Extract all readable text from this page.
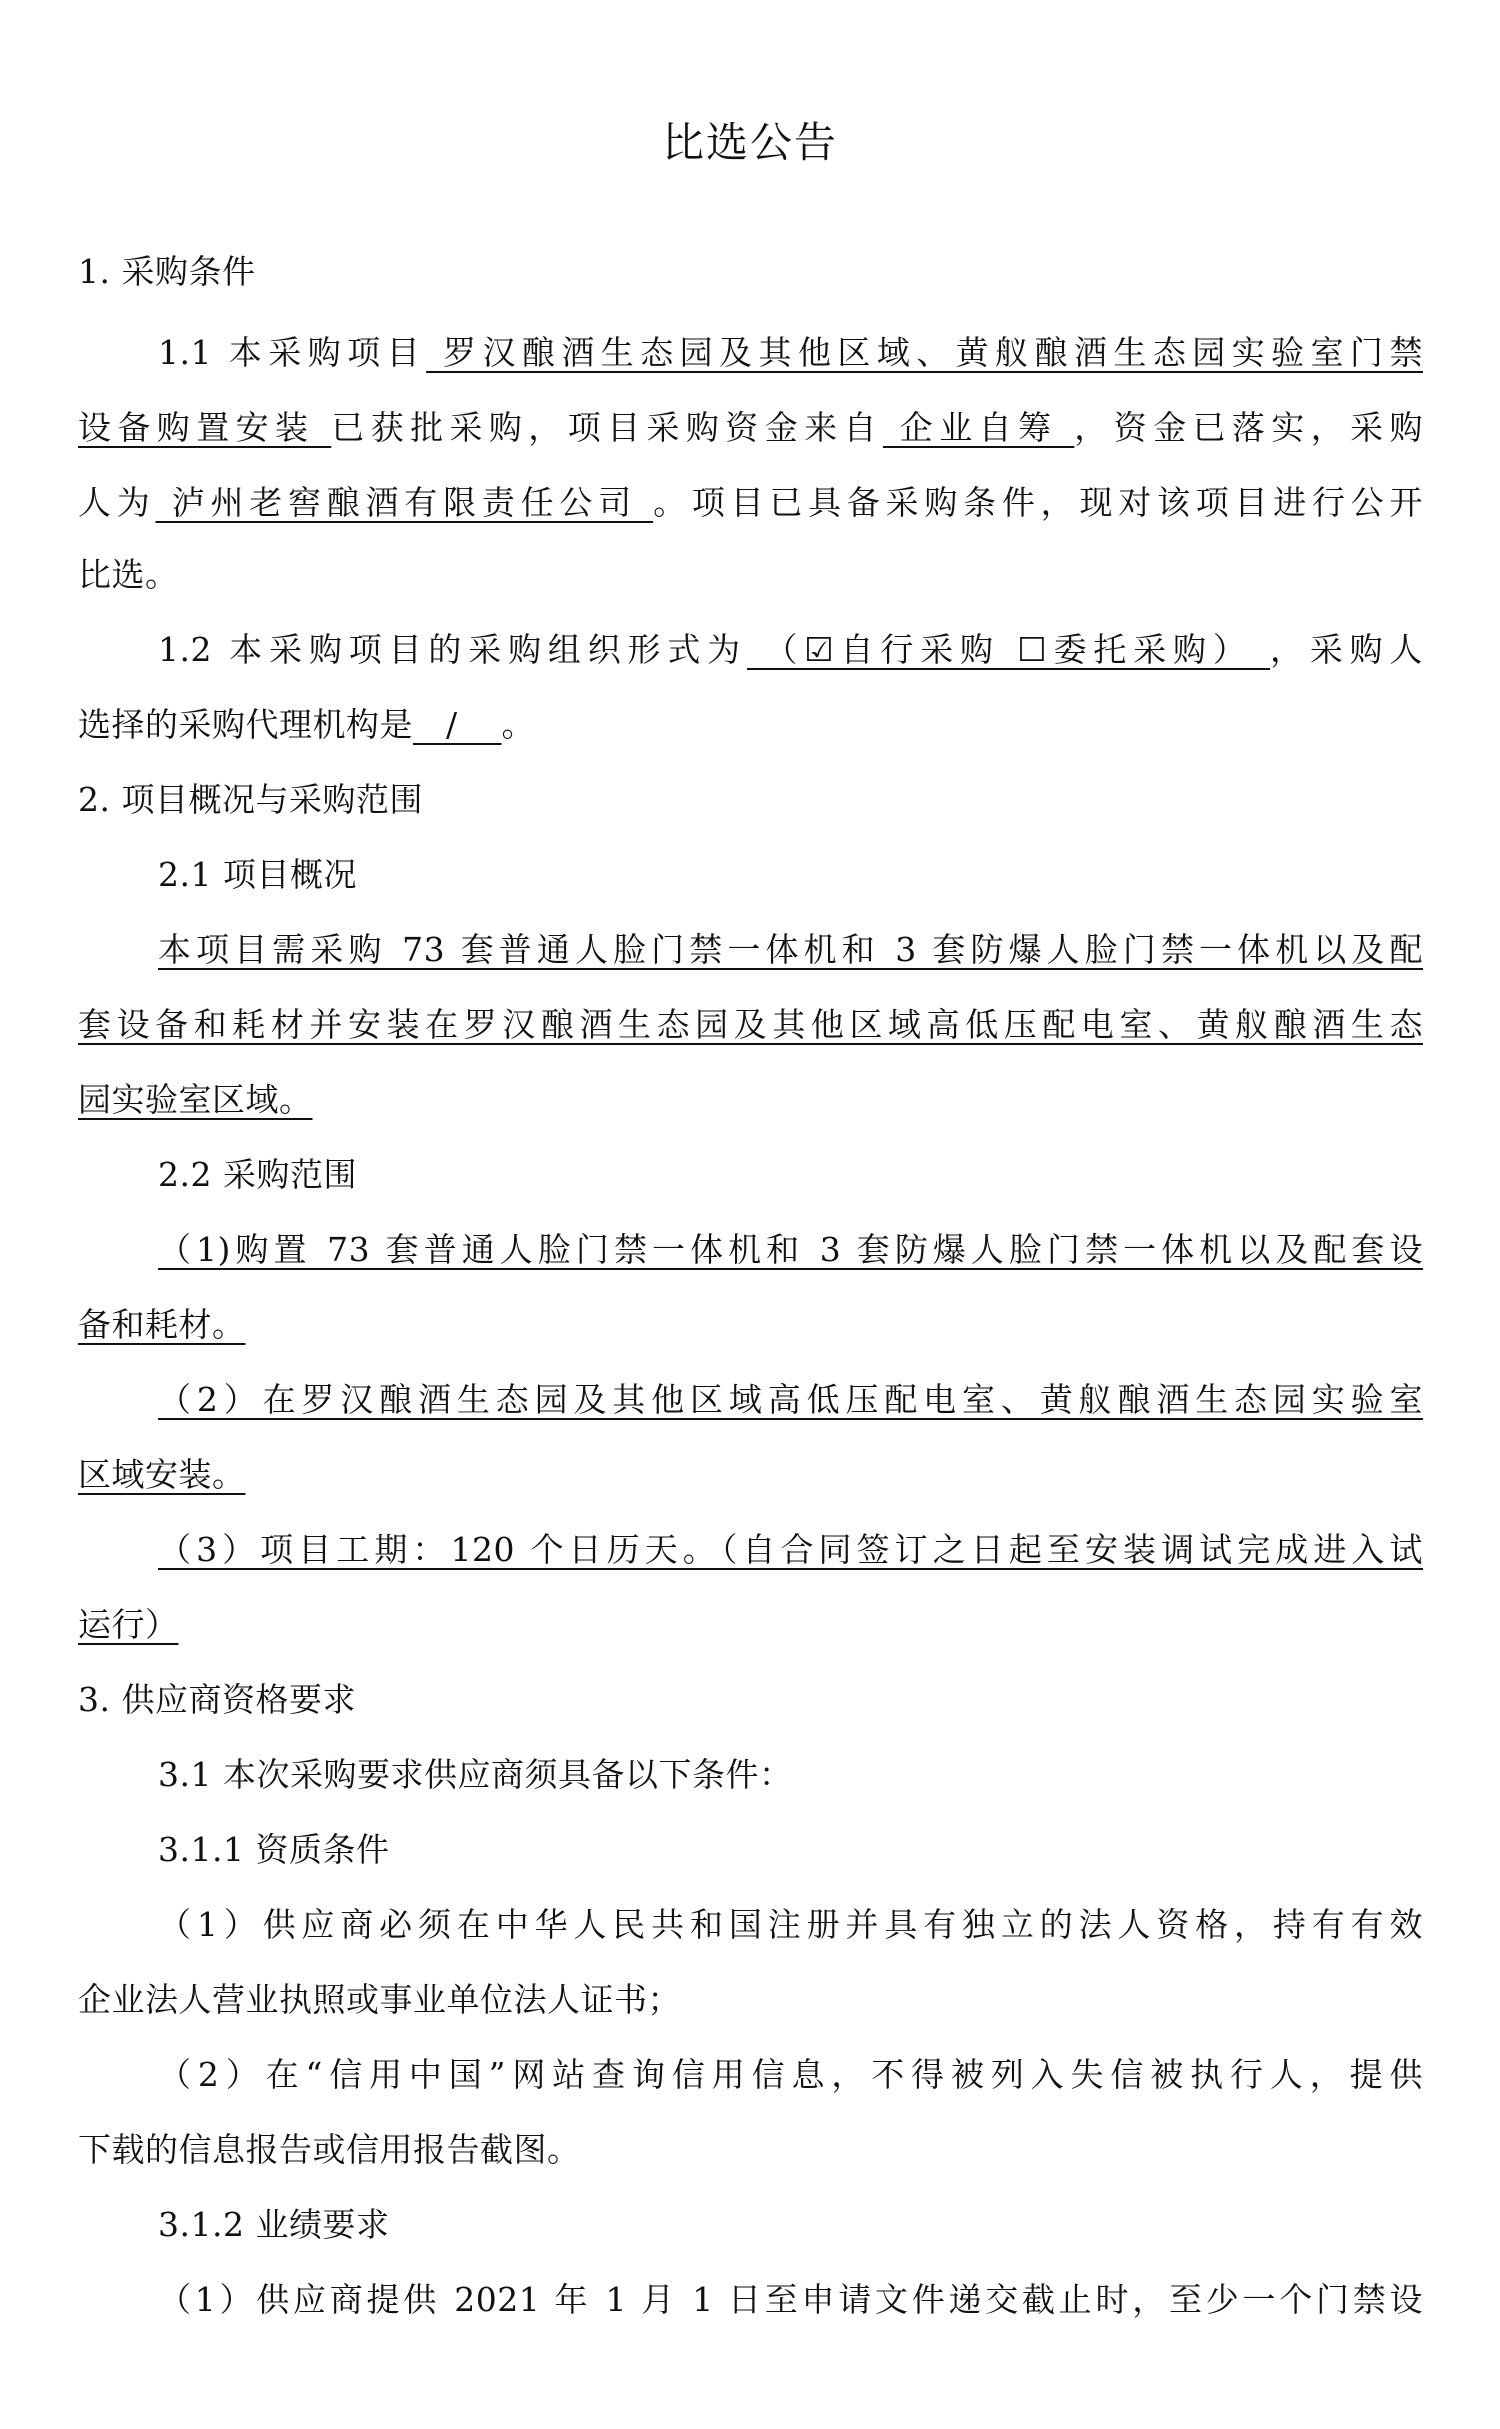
比选公告
1. 采购条件
1.1 本采购项目 罗汉酿酒生态园及其他区域、黄舣酿酒生态园实验室门禁
设备购置安装 已获批采购，项目采购资金来自 企业自筹 ，资金已落实，采购
人为 泸州老窖酿酒有限责任公司 。项目已具备采购条件，现对该项目进行公开
比选。
1.2 本采购项目的采购组织形式为 （☑自行采购 ☐委托采购） ，采购人
选择的采购代理机构是   /    。
2. 项目概况与采购范围
2.1 项目概况
本项目需采购 73 套普通人脸门禁一体机和 3 套防爆人脸门禁一体机以及配
套设备和耗材并安装在罗汉酿酒生态园及其他区域高低压配电室、黄舣酿酒生态
园实验室区域。
2.2 采购范围
（1)购置 73 套普通人脸门禁一体机和 3 套防爆人脸门禁一体机以及配套设
备和耗材。
（2）在罗汉酿酒生态园及其他区域高低压配电室、黄舣酿酒生态园实验室
区域安装。
（3）项目工期：120 个日历天。（自合同签订之日起至安装调试完成进入试
运行）
3. 供应商资格要求
3.1 本次采购要求供应商须具备以下条件：
3.1.1 资质条件
（1）供应商必须在中华人民共和国注册并具有独立的法人资格，持有有效
企业法人营业执照或事业单位法人证书；
（2）在“信用中国”网站查询信用信息，不得被列入失信被执行人，提供
下载的信息报告或信用报告截图。
3.1.2 业绩要求
（1）供应商提供 2021 年 1 月 1 日至申请文件递交截止时，至少一个门禁设
